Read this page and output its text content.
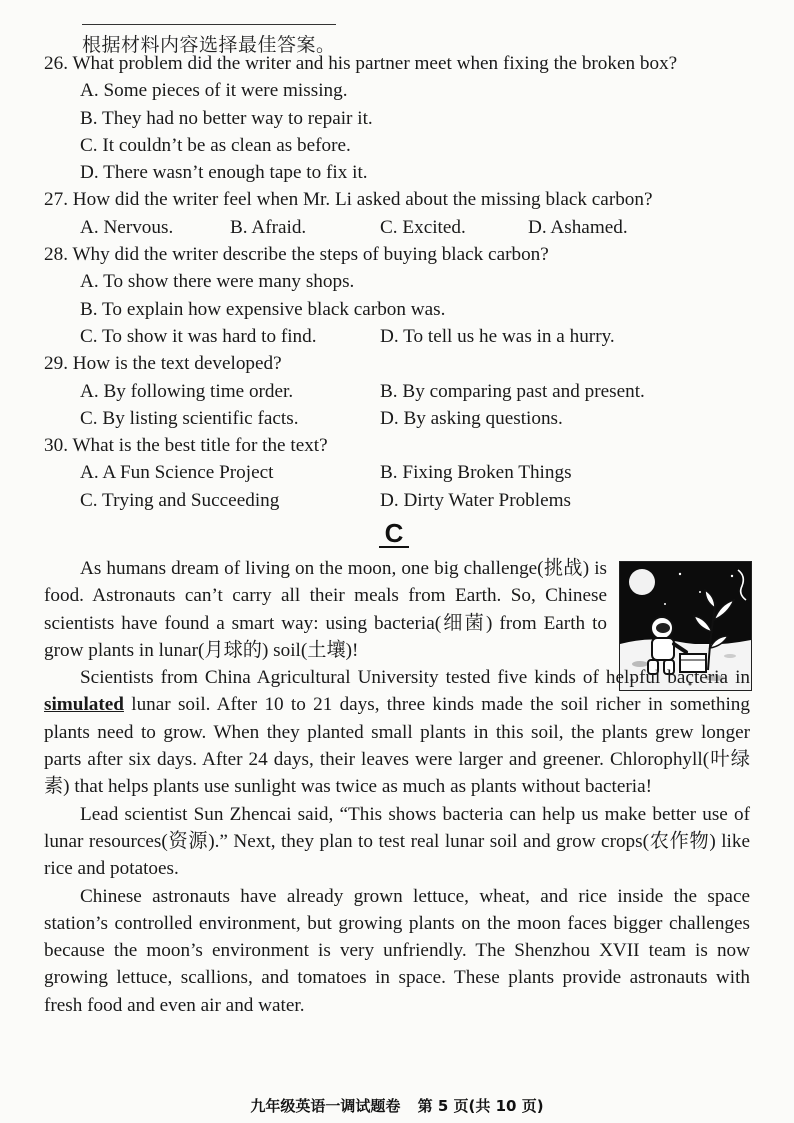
根据材料内容选择最佳答案。
26. What problem did the writer and his partner meet when fixing the broken box?
A. Some pieces of it were missing.
B. They had no better way to repair it.
C. It couldn’t be as clean as before.
D. There wasn’t enough tape to fix it.
27. How did the writer feel when Mr. Li asked about the missing black carbon?
A. Nervous.	B. Afraid.	C. Excited.	D. Ashamed.
28. Why did the writer describe the steps of buying black carbon?
A. To show there were many shops.
B. To explain how expensive black carbon was.
C. To show it was hard to find.	D. To tell us he was in a hurry.
29. How is the text developed?
A. By following time order.	B. By comparing past and present.
C. By listing scientific facts.	D. By asking questions.
30. What is the best title for the text?
A. A Fun Science Project	B. Fixing Broken Things
C. Trying and Succeeding	D. Dirty Water Problems
C

As humans dream of living on the moon, one big challenge(挑战) is food. Astronauts can’t carry all their meals from Earth. So, Chinese scientists have found a smart way: using bacteria(细菌) from Earth to grow plants in lunar(月球的) soil(土壤)!

Scientists from China Agricultural University tested five kinds of helpful bacteria in simulated lunar soil. After 10 to 21 days, three kinds made the soil richer in something plants need to grow. When they planted small plants in this soil, the plants grew longer parts after six days. After 24 days, their leaves were larger and greener. Chlorophyll(叶绿素) that helps plants use sunlight was twice as much as plants without bacteria!

Lead scientist Sun Zhencai said, “This shows bacteria can help us make better use of lunar resources(资源).” Next, they plan to test real lunar soil and grow crops(农作物) like rice and potatoes.

Chinese astronauts have already grown lettuce, wheat, and rice inside the space station’s controlled environment, but growing plants on the moon faces bigger challenges because the moon’s environment is very unfriendly. The Shenzhou XVII team is now growing lettuce, scallions, and tomatoes in space. These plants provide astronauts with fresh food and even air and water.

九年级英语一调试题卷 第 5 页(共 10 页)
